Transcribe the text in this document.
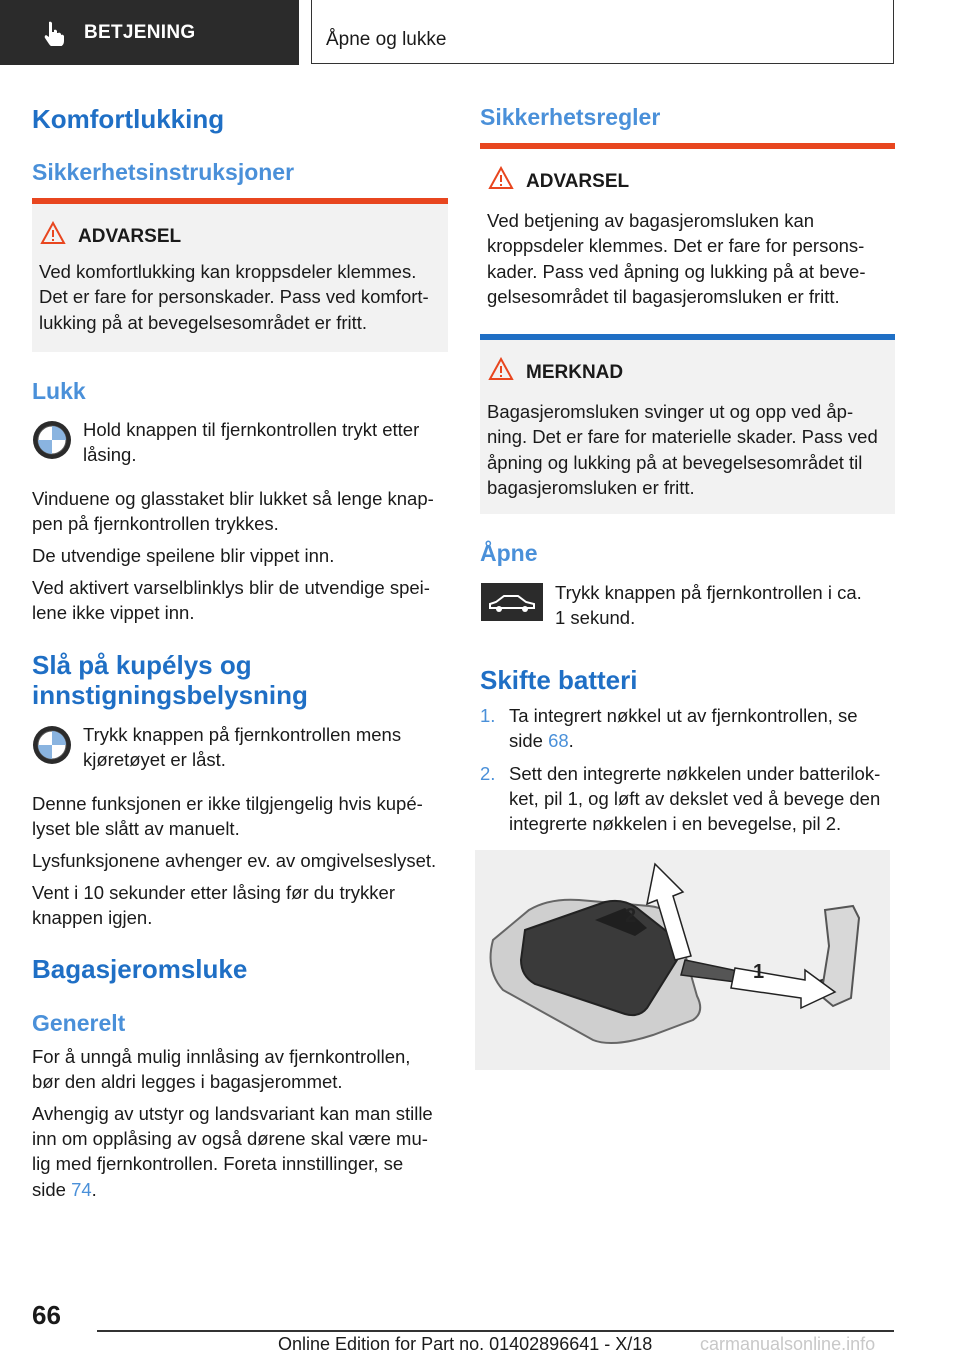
BETJENING	Åpne og lukke
Komfortlukking
Sikkerhetsinstruksjoner
ADVARSEL
Ved komfortlukking kan kroppsdeler klemmes.
Det er fare for personskader. Pass ved komfort-
lukking på at bevegelsesområdet er fritt.
Lukk
Hold knappen til fjernkontrollen trykt etter
låsing.
Vinduene og glasstaket blir lukket så lenge knap-
pen på fjernkontrollen trykkes.
De utvendige speilene blir vippet inn.
Ved aktivert varselblinklys blir de utvendige spei-
lene ikke vippet inn.
Slå på kupélys og
innstigningsbelysning
Trykk knappen på fjernkontrollen mens
kjøretøyet er låst.
Denne funksjonen er ikke tilgjengelig hvis kupé-
lyset ble slått av manuelt.
Lysfunksjonene avhenger ev. av omgivelseslyset.
Vent i 10 sekunder etter låsing før du trykker
knappen igjen.
Bagasjeromsluke
Generelt
For å unngå mulig innlåsing av fjernkontrollen,
bør den aldri legges i bagasjerommet.
Avhengig av utstyr og landsvariant kan man stille
inn om opplåsing av også dørene skal være mu-
lig med fjernkontrollen. Foreta innstillinger, se
side 74.
Sikkerhetsregler
ADVARSEL
Ved betjening av bagasjeromsluken kan
kroppsdeler klemmes. Det er fare for persons-
kader. Pass ved åpning og lukking på at beve-
gelsesområdet til bagasjeromsluken er fritt.
MERKNAD
Bagasjeromsluken svinger ut og opp ved åp-
ning. Det er fare for materielle skader. Pass ved
åpning og lukking på at bevegelsesområdet til
bagasjeromsluken er fritt.
Åpne
Trykk knappen på fjernkontrollen i ca.
1 sekund.
Skifte batteri
1. Ta integrert nøkkel ut av fjernkontrollen, se
side 68.
2. Sett den integrerte nøkkelen under batterilok-
ket, pil 1, og løft av dekslet ved å bevege den
integrerte nøkkelen i en bevegelse, pil 2.
1
2
66
Online Edition for Part no. 01402896641 - X/18	carmanualsonline.info
